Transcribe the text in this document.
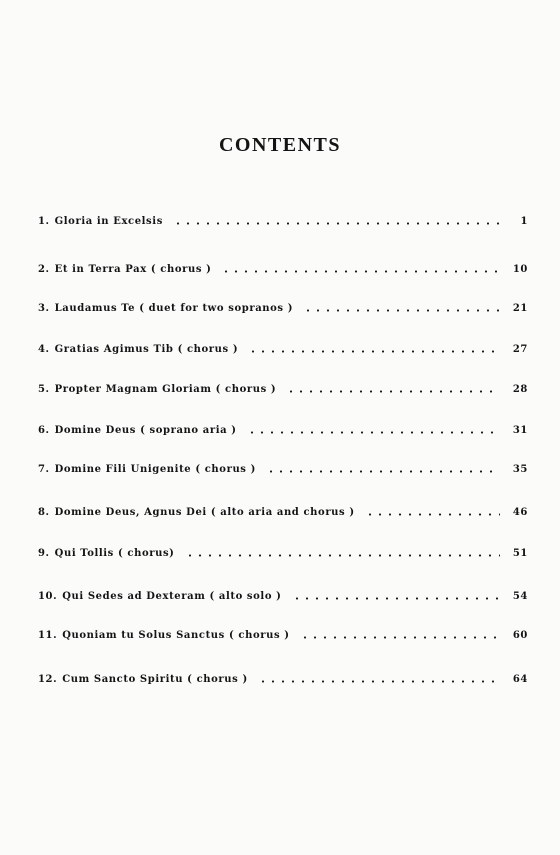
CONTENTS
1. Gloria in Excelsis	1
2. Et in Terra Pax ( chorus )	10
3. Laudamus Te ( duet for two sopranos )	21
4. Gratias Agimus Tib ( chorus )	27
5. Propter Magnam Gloriam ( chorus )	28
6. Domine Deus ( soprano aria )	31
7. Domine Fili Unigenite ( chorus )	35
8. Domine Deus, Agnus Dei ( alto aria and chorus )	46
9. Qui Tollis ( chorus)	51
10. Qui Sedes ad Dexteram ( alto solo )	54
11. Quoniam tu Solus Sanctus ( chorus )	60
12. Cum Sancto Spiritu ( chorus )	64
